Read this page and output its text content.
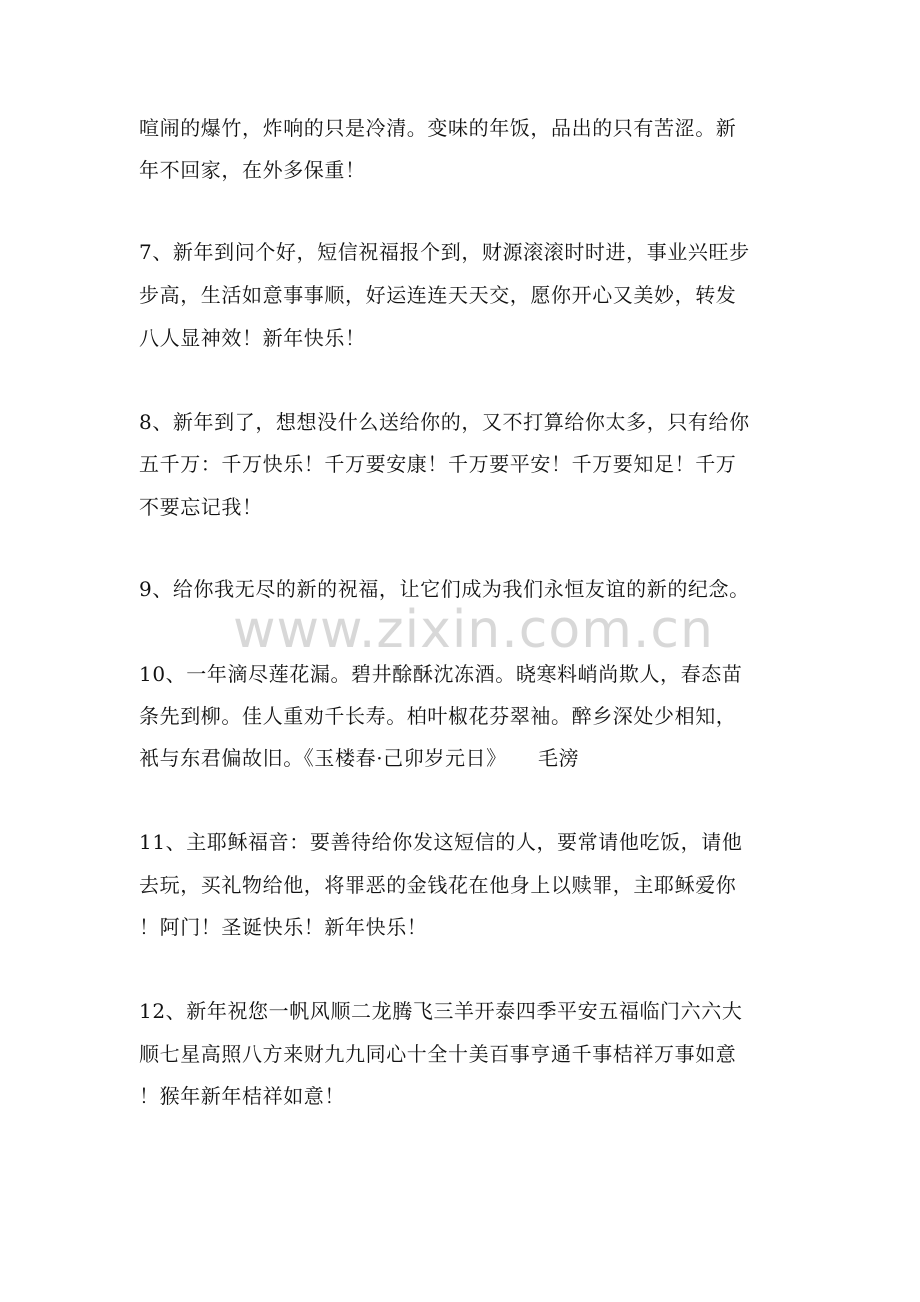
www.zixin.com.cn
喧闹的爆竹，炸响的只是冷清。变味的年饭，品出的只有苦涩。新
年不回家，在外多保重！
7、新年到问个好，短信祝福报个到，财源滚滚时时进，事业兴旺步
步高，生活如意事事顺，好运连连天天交，愿你开心又美妙，转发
八人显神效！新年快乐！
8、新年到了，想想没什么送给你的，又不打算给你太多，只有给你
五千万：千万快乐！千万要安康！千万要平安！千万要知足！千万
不要忘记我！
9、给你我无尽的新的祝福，让它们成为我们永恒友谊的新的纪念。
10、一年滴尽莲花漏。碧井酴酥沈冻酒。晓寒料峭尚欺人，春态苗
条先到柳。佳人重劝千长寿。柏叶椒花芬翠袖。醉乡深处少相知，
衹与东君偏故旧。《玉楼春·己卯岁元日》　　毛滂
11、主耶稣福音：要善待给你发这短信的人，要常请他吃饭，请他
去玩，买礼物给他，将罪恶的金钱花在他身上以赎罪，主耶稣爱你
！阿门！圣诞快乐！新年快乐！
12、新年祝您一帆风顺二龙腾飞三羊开泰四季平安五福临门六六大
顺七星高照八方来财九九同心十全十美百事亨通千事桔祥万事如意
！猴年新年桔祥如意！
